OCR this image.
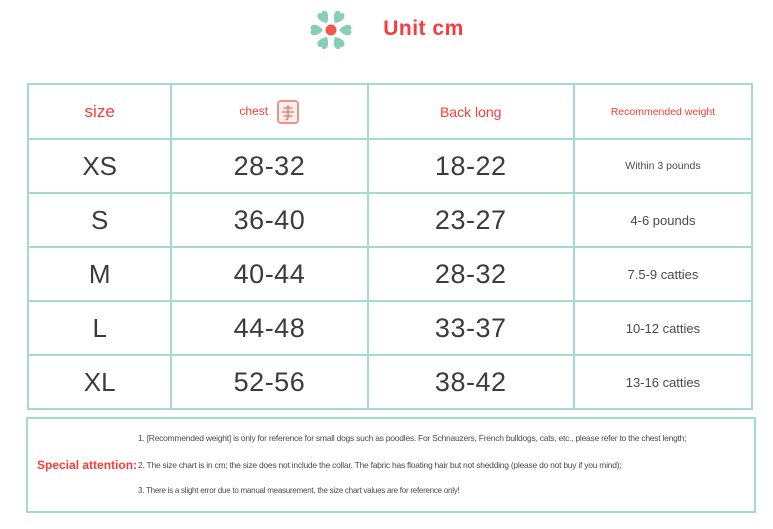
Unit cm
size	chest	Back long	Recommended weight
XS	28-32	18-22	Within 3 pounds
S	36-40	23-27	4-6 pounds
M	40-44	28-32	7.5-9 catties
L	44-48	33-37	10-12 catties
XL	52-56	38-42	13-16 catties
Special attention:

1. [Recommended weight] is only for reference for small dogs such as poodles. For Schnauzers, French bulldogs, cats, etc., please refer to the chest length;

2. The size chart is in cm; the size does not include the collar. The fabric has floating hair but not shedding (please do not buy if you mind);

3. There is a slight error due to manual measurement, the size chart values are for reference only!
